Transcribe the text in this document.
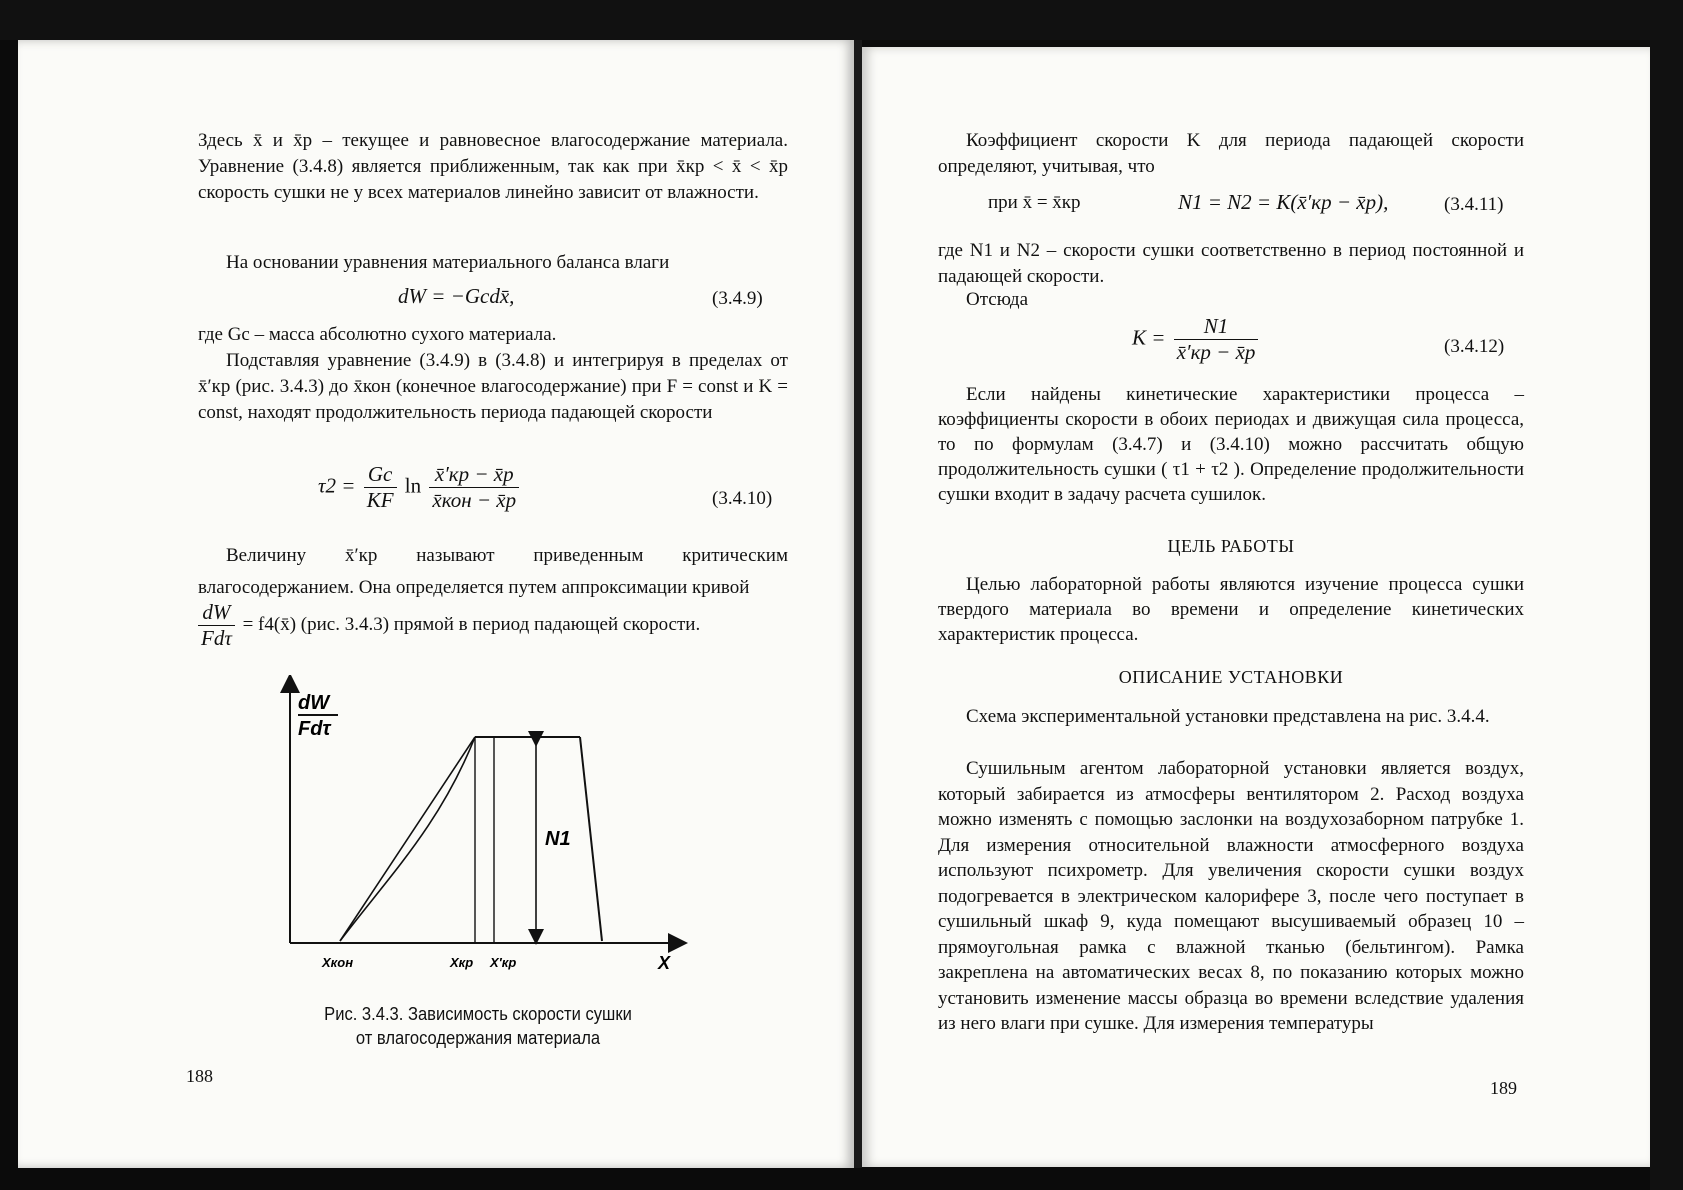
Здесь x̄ и x̄р – текущее и равновесное влагосодержание материала. Уравнение (3.4.8) является приближенным, так как при x̄кр < x̄ < x̄р скорость сушки не у всех материалов линейно зависит от влажности.
На основании уравнения материального баланса влаги
dW = −Gсdx̄,	(3.4.9)
где Gс – масса абсолютно сухого материала.
Подставляя уравнение (3.4.9) в (3.4.8) и интегрируя в пределах от x̄′кр (рис. 3.4.3) до x̄кон (конечное влагосодержание) при F = const и K = const, находят продолжительность периода падающей скорости
$\tau 2 = \frac{Gс}{KF}$ $\ln \frac{x̄'кр - x̄p}{\text{x̄кон − x̄p}}$	(3.4.10)
Величину x̄′кр называют приведенным критическим влагосодержанием. Она определяется путем аппроксимации кривой
$\frac{dW}{\text{Fdτ}}$ = f4(x̄) (рис. 3.4.3) прямой в период падающей скорости.
dW
Fdτ
N1
Xкон	Xкр X′кр	X
Рис. 3.4.3. Зависимость скорости сушки
от влагосодержания материала
188
Коэффициент скорости K для периода падающей скорости определяют, учитывая, что
при x̄ = x̄кр	N1 = N2 = K(x̄′кр − x̄р),	(3.4.11)
где N1 и N2 – скорости сушки соответственно в период постоянной и падающей скорости.
Отсюда
$K = \frac{N1}{x̄'кр - x̄р}$	(3.4.12)
Если найдены кинетические характеристики процесса – коэффициенты скорости в обоих периодах и движущая сила процесса, то по формулам (3.4.7) и (3.4.10) можно рассчитать общую продолжительность сушки ( τ1 + τ2 ). Определение продолжительности сушки входит в задачу расчета сушилок.
ЦЕЛЬ РАБОТЫ
Целью лабораторной работы являются изучение процесса сушки твердого материала во времени и определение кинетических характеристик процесса.
ОПИСАНИЕ УСТАНОВКИ
Схема экспериментальной установки представлена на рис. 3.4.4.
Сушильным агентом лабораторной установки является воздух, который забирается из атмосферы вентилятором 2. Расход воздуха можно изменять с помощью заслонки на воздухозаборном патрубке 1. Для измерения относительной влажности атмосферного воздуха используют психрометр. Для увеличения скорости сушки воздух подогревается в электрическом калорифере 3, после чего поступает в сушильный шкаф 9, куда помещают высушиваемый образец 10 – прямоугольная рамка с влажной тканью (бельтингом). Рамка закреплена на автоматических весах 8, по показанию которых можно установить изменение массы образца во времени вследствие удаления из него влаги при сушке. Для измерения температуры
189
